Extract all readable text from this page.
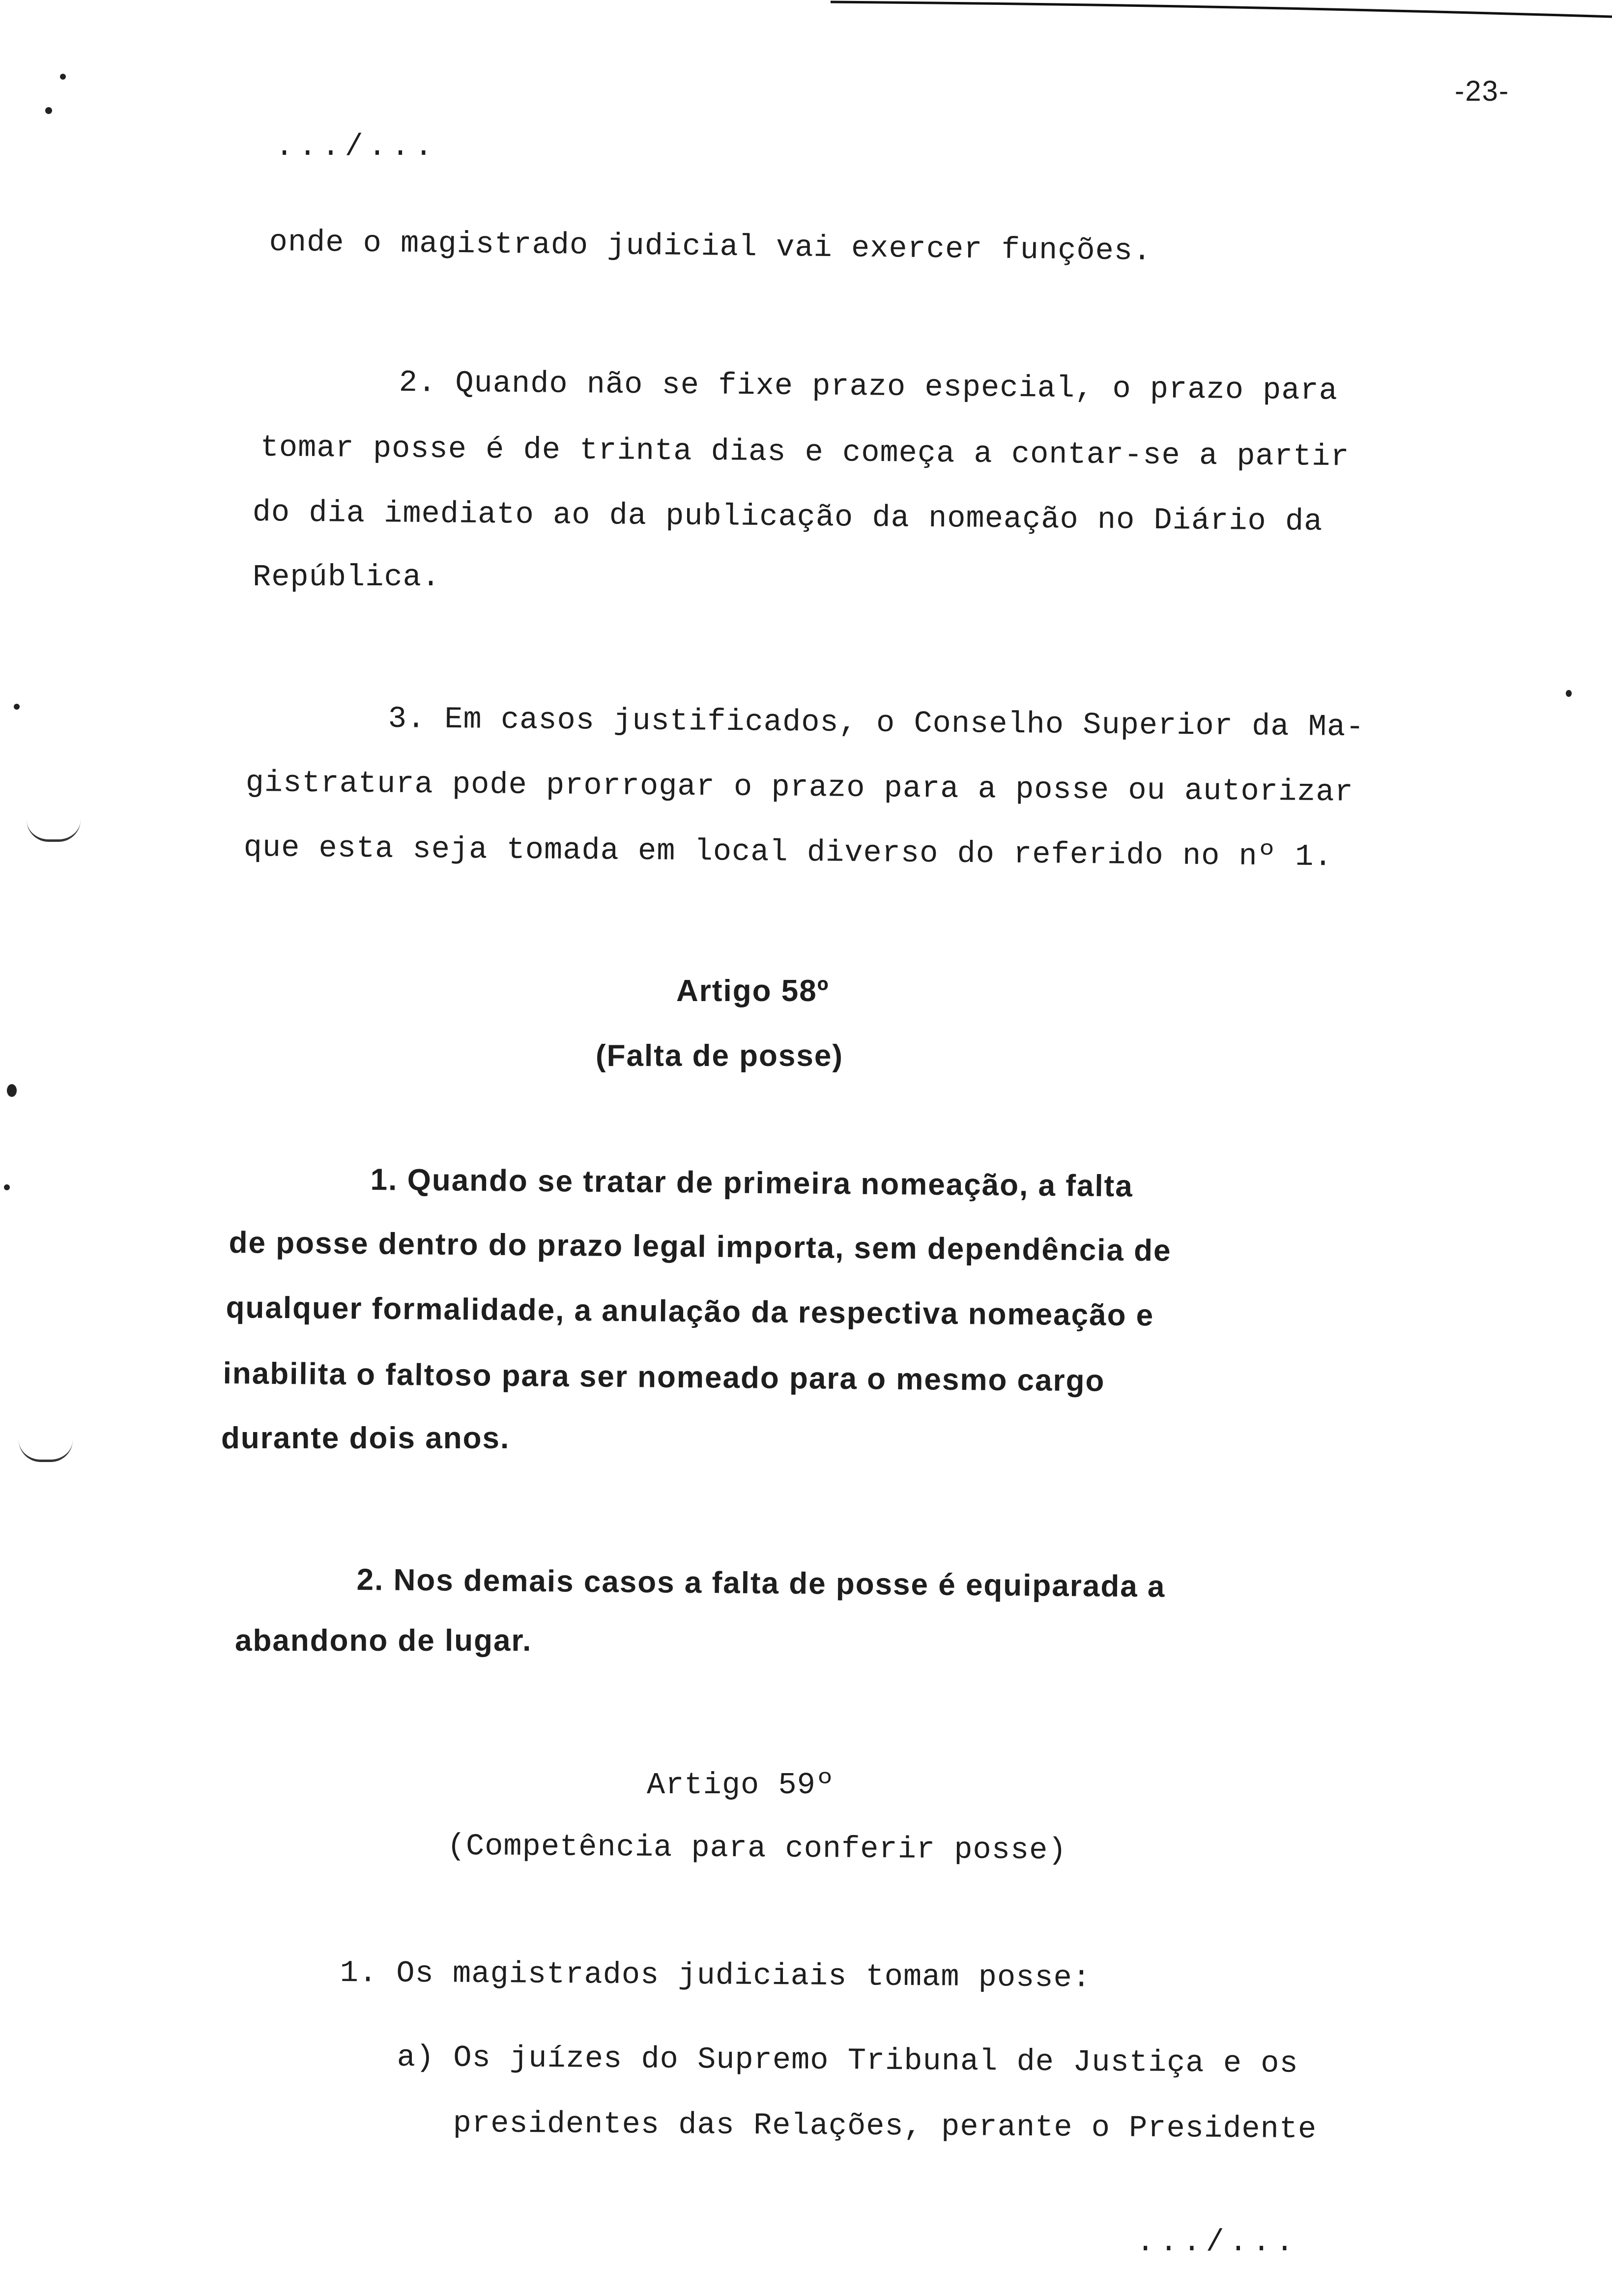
-23-
.../...
onde o magistrado judicial vai exercer funções.
2. Quando não se fixe prazo especial, o prazo para
tomar posse é de trinta dias e começa a contar-se a partir
do dia imediato ao da publicação da nomeação no Diário da
República.
3. Em casos justificados, o Conselho Superior da Ma-
gistratura pode prorrogar o prazo para a posse ou autorizar
que esta seja tomada em local diverso do referido no nº 1.
Artigo 58º
(Falta de posse)
1. Quando se tratar de primeira nomeação, a falta
de posse dentro do prazo legal importa, sem dependência de
qualquer formalidade, a anulação da respectiva nomeação e
inabilita o faltoso para ser nomeado para o mesmo cargo
durante dois anos.
2. Nos demais casos a falta de posse é equiparada a
abandono de lugar.
Artigo 59º
(Competência para conferir posse)
1. Os magistrados judiciais tomam posse:
a) Os juízes do Supremo Tribunal de Justiça e os
presidentes das Relações, perante o Presidente
.../...
